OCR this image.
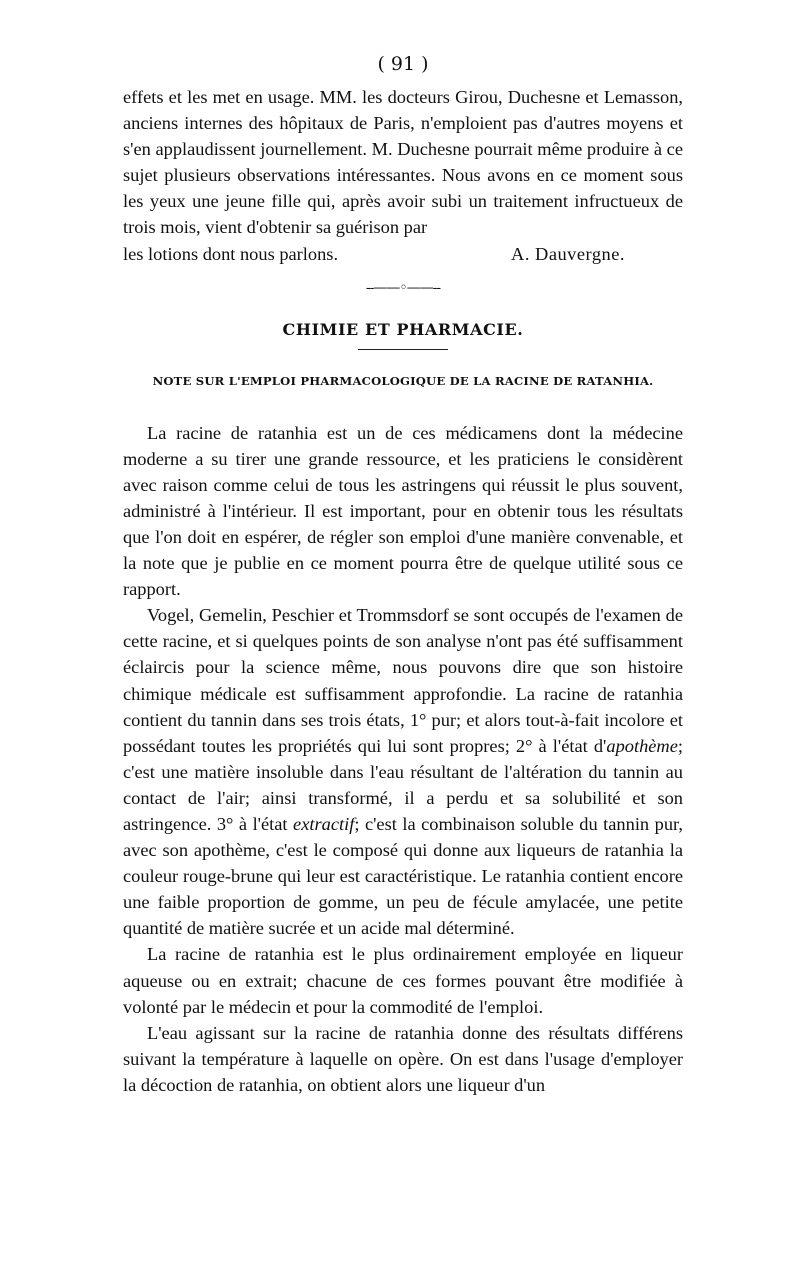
( 91 )

effets et les met en usage. MM. les docteurs Girou, Duchesne et Lemasson, anciens internes des hôpitaux de Paris, n'emploient pas d'autres moyens et s'en applaudissent journellement. M. Duchesne pourrait même produire à ce sujet plusieurs observations intéressantes. Nous avons en ce moment sous les yeux une jeune fille qui, après avoir subi un traitement infructueux de trois mois, vient d'obtenir sa guérison par

les lotions dont nous parlons.	A. Dauvergne.
--——◦——--
CHIMIE ET PHARMACIE.
NOTE SUR L'EMPLOI PHARMACOLOGIQUE DE LA RACINE DE RATANHIA.

La racine de ratanhia est un de ces médicamens dont la médecine moderne a su tirer une grande ressource, et les praticiens le considèrent avec raison comme celui de tous les astringens qui réussit le plus souvent, administré à l'intérieur. Il est important, pour en obtenir tous les résultats que l'on doit en espérer, de régler son emploi d'une manière convenable, et la note que je publie en ce moment pourra être de quelque utilité sous ce rapport.

Vogel, Gemelin, Peschier et Trommsdorf se sont occupés de l'examen de cette racine, et si quelques points de son analyse n'ont pas été suffisamment éclaircis pour la science même, nous pouvons dire que son histoire chimique médicale est suffisamment approfondie. La racine de ratanhia contient du tannin dans ses trois états, 1° pur; et alors tout-à-fait incolore et possédant toutes les propriétés qui lui sont propres; 2° à l'état d'apothème; c'est une matière insoluble dans l'eau résultant de l'altération du tannin au contact de l'air; ainsi transformé, il a perdu et sa solubilité et son astringence. 3° à l'état extractif; c'est la combinaison soluble du tannin pur, avec son apothème, c'est le composé qui donne aux liqueurs de ratanhia la couleur rouge-brune qui leur est caractéristique. Le ratanhia contient encore une faible proportion de gomme, un peu de fécule amylacée, une petite quantité de matière sucrée et un acide mal déterminé.

La racine de ratanhia est le plus ordinairement employée en liqueur aqueuse ou en extrait; chacune de ces formes pouvant être modifiée à volonté par le médecin et pour la commodité de l'emploi.

L'eau agissant sur la racine de ratanhia donne des résultats différens suivant la température à laquelle on opère. On est dans l'usage d'employer la décoction de ratanhia, on obtient alors une liqueur d'un
